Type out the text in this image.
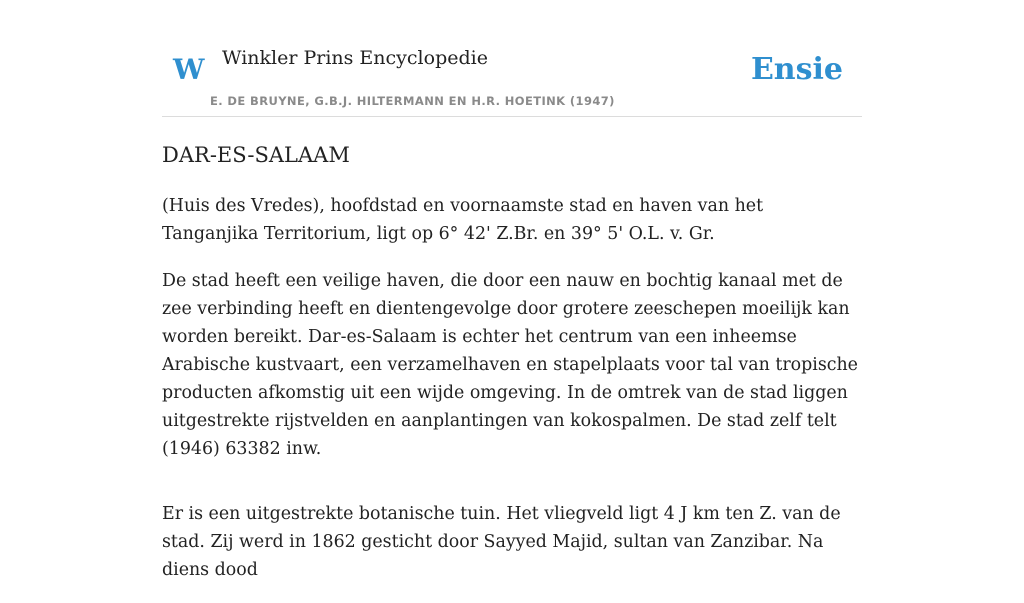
W Winkler Prins Encyclopedie
E. DE BRUYNE, G.B.J. HILTERMANN EN H.R. HOETINK (1947)
Ensie
DAR-ES-SALAAM

(Huis des Vredes), hoofdstad en voornaamste stad en haven van het Tanganjika Territorium, ligt op 6° 42' Z.Br. en 39° 5' O.L. v. Gr.

De stad heeft een veilige haven, die door een nauw en bochtig kanaal met de zee verbinding heeft en dientengevolge door grotere zeeschepen moeilijk kan worden bereikt. Dar-es-Salaam is echter het centrum van een inheemse Arabische kustvaart, een verzamelhaven en stapelplaats voor tal van tropische producten afkomstig uit een wijde omgeving. In de omtrek van de stad liggen uitgestrekte rijstvelden en aanplantingen van kokospalmen. De stad zelf telt (1946) 63382 inw.

Er is een uitgestrekte botanische tuin. Het vliegveld ligt 4 J km ten Z. van de stad. Zij werd in 1862 gesticht door Sayyed Majid, sultan van Zanzibar. Na diens dood
